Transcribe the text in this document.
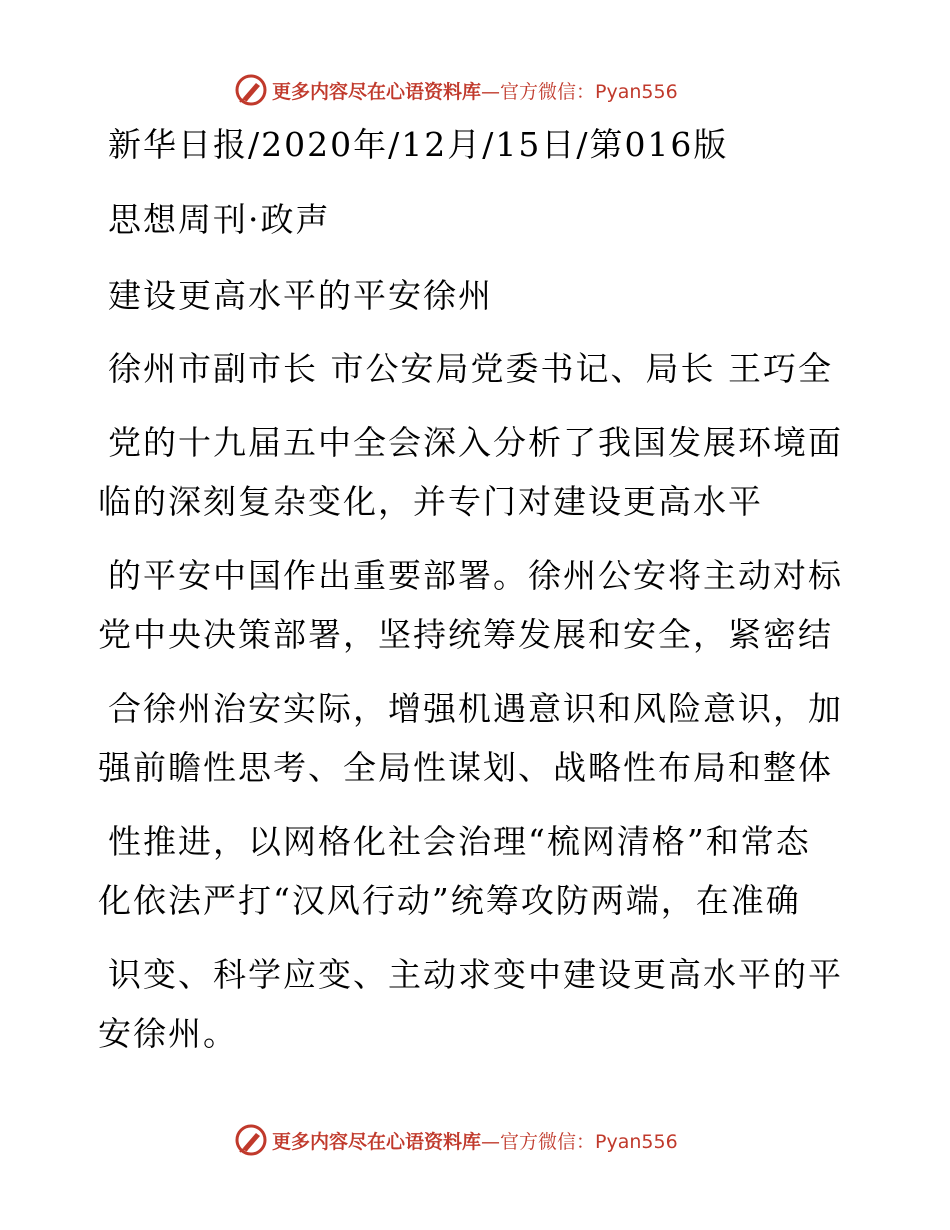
更多内容尽在心语资料库—官方微信：Pyan556
新华日报/2020年/12月/15日/第016版
思想周刊·政声
建设更高水平的平安徐州
徐州市副市长 市公安局党委书记、局长 王巧全
党的十九届五中全会深入分析了我国发展环境面
临的深刻复杂变化，并专门对建设更高水平
的平安中国作出重要部署。徐州公安将主动对标
党中央决策部署，坚持统筹发展和安全，紧密结
合徐州治安实际，增强机遇意识和风险意识，加
强前瞻性思考、全局性谋划、战略性布局和整体
性推进，以网格化社会治理“梳网清格”和常态
化依法严打“汉风行动”统筹攻防两端，在准确
识变、科学应变、主动求变中建设更高水平的平
安徐州。
更多内容尽在心语资料库—官方微信：Pyan556
